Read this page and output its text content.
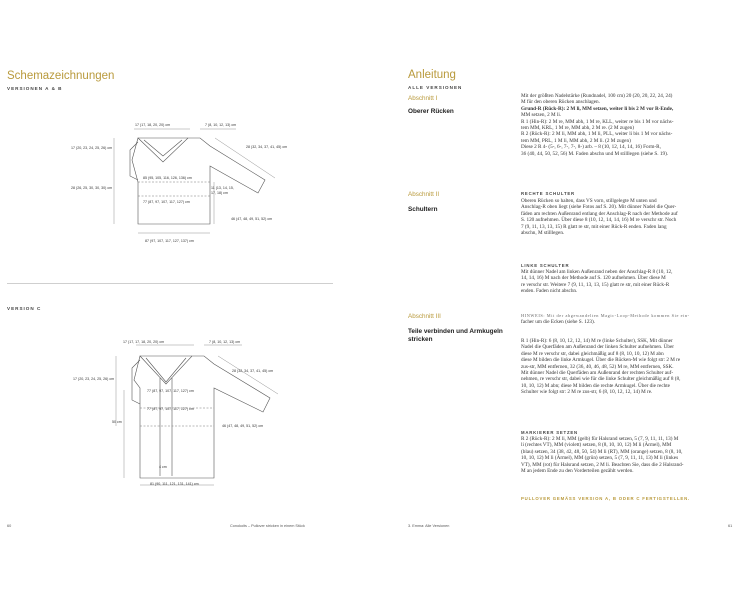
Schemazeichnungen
VERSIONEN A & B
17 (17, 18, 20, 20) cm	7 (8, 10, 12, 13) cm
17 (20, 23, 24, 25, 26) cm	28 (32, 34, 37, 41, 45) cm
85 (95, 105, 116, 126, 136) cm
28 (26, 25, 30, 30, 30) cm	11 (13, 14, 15, 17, 18) cm
77 (87, 97, 107, 117, 127) cm
46 (47, 48, 49, 51, 52) cm
87 (97, 107, 117, 127, 137) cm
VERSION C
17 (17, 17, 18, 20, 20) cm	7 (8, 10, 12, 13) cm
17 (20, 23, 24, 25, 26) cm
28 (32, 34, 37, 41, 45) cm
77 (87, 97, 107, 117, 127) cm
50 cm
77 (87, 97, 107, 117, 127) cm
46 (47, 48, 49, 51, 52) cm
4 cm
81 (90, 111, 121, 131, 141) cm
60	Conokoits – Pullover stricken in einem Stück
Anleitung
ALLE VERSIONEN
Abschnitt I
Oberer Rücken
Mit der größten Nadelstärke (Rundnadel, 100 cm) 20 (20, 20, 22, 24, 24)
M für den oberen Rücken anschlagen.
Grund-R (Rück-R): 2 M li, MM setzen, weiter li bis 2 M vor R-Ende,
MM setzen, 2 M li.
R 1 (Hin-R): 2 M re, MM abh, 1 M re, KLL, weiter re bis 1 M vor nächs-
tem MM, KRL, 1 M re, MM abh, 2 M re. (2 M zugen)
R 2 (Rück-R): 2 M li, MM abh, 1 M li, PLL, weiter li bis 1 M vor nächs-
tem MM, PRL, 1 M li, MM abh, 2 M li. (2 M zugen)
Diese 2 R 4- (5-, 6-, 7-, 7-, 8-) arb. – 8 (10, 12, 14, 14, 16) Form-R,
36 (40, 44, 50, 52, 56) M. Faden abschn und M stilllegen (siehe S. 19).
Abschnitt II
Schultern
RECHTE SCHULTER
Oberen Rücken so halten, dass VS vorn, stillgelegte M unten und
Anschlag-R oben liegt (siehe Fotos auf S. 20). Mit dünner Nadel die Quer-
fäden am rechten Außenrand entlang der Anschlag-R nach der Methode auf
S. 120 aufnehmen. Über diese 8 (10, 12, 14, 14, 16) M re verschr str. Noch
7 (9, 11, 13, 13, 15) R glatt re str, mit einer Rück-R enden. Faden lang
abschn, M stilllegen.
LINKE SCHULTER
Mit dünner Nadel am linken Außenrand neben der Anschlag-R 8 (10, 12,
14, 14, 16) M nach der Methode auf S. 120 aufnehmen. Über diese M
re verschr str. Weitere 7 (9, 11, 13, 13, 15) glatt re str, mit einer Rück-R
enden. Faden nicht abschn.
Abschnitt III
Teile verbinden und Armkugeln stricken
HINWEIS: Mit der abgewandelten Magic-Loop-Methode kommen Sie ein-
facher um die Ecken (siehe S. 123).
R 1 (Hin-R): 6 (8, 10, 12, 12, 14) M re (linke Schulter), SSK, Mit dünner
Nadel die Querfäden am Außenrand der linken Schulter aufnehmen. Über
diese M re verschr str, dabei gleichmäßig auf 8 (8, 10, 10, 12) M abn
diese M bilden die linke Armkugel. Über die Rücken-M wie folgt str: 2 M re
zus-str, MM entfernen, 32 (36, 40, 46, 48, 52) M re, MM entfernen, SSK.
Mit dünner Nadel die Querfäden am Außenrand der rechten Schulter auf-
nehmen, re verschr str, dabei wie für die linke Schulter gleichmäßig auf 8 (8,
10, 10, 12) M abn; diese M bilden die rechte Armkugel. Über die rechte
Schulter wie folgt str: 2 M re zus-str, 6 (8, 10, 12, 12, 14) M re.
MARKIERER SETZEN
R 2 (Rück-R): 2 M li, MM (gelb) für Halsrand setzen, 5 (7, 9, 11, 11, 13) M
li (rechtes VT), MM (violett) setzen, 8 (8, 10, 10, 12) M li (Ärmel), MM
(blau) setzen, 34 (38, 42, 48, 50, 54) M li (RT), MM (orange) setzen, 8 (8, 10,
10, 10, 12) M li (Ärmel), MM (grün) setzen, 5 (7, 9, 11, 11, 13) M li (linkes
VT), MM (rot) für Halsrand setzen, 2 M li. Beachten Sie, dass die 2 Halsrand-
M an jedem Ende zu den Vorderteilen gezählt werden.
PULLOVER GEMÄSS VERSION A, B ODER C FERTIGSTELLEN.
3. Emma: Alle Versionen	61
